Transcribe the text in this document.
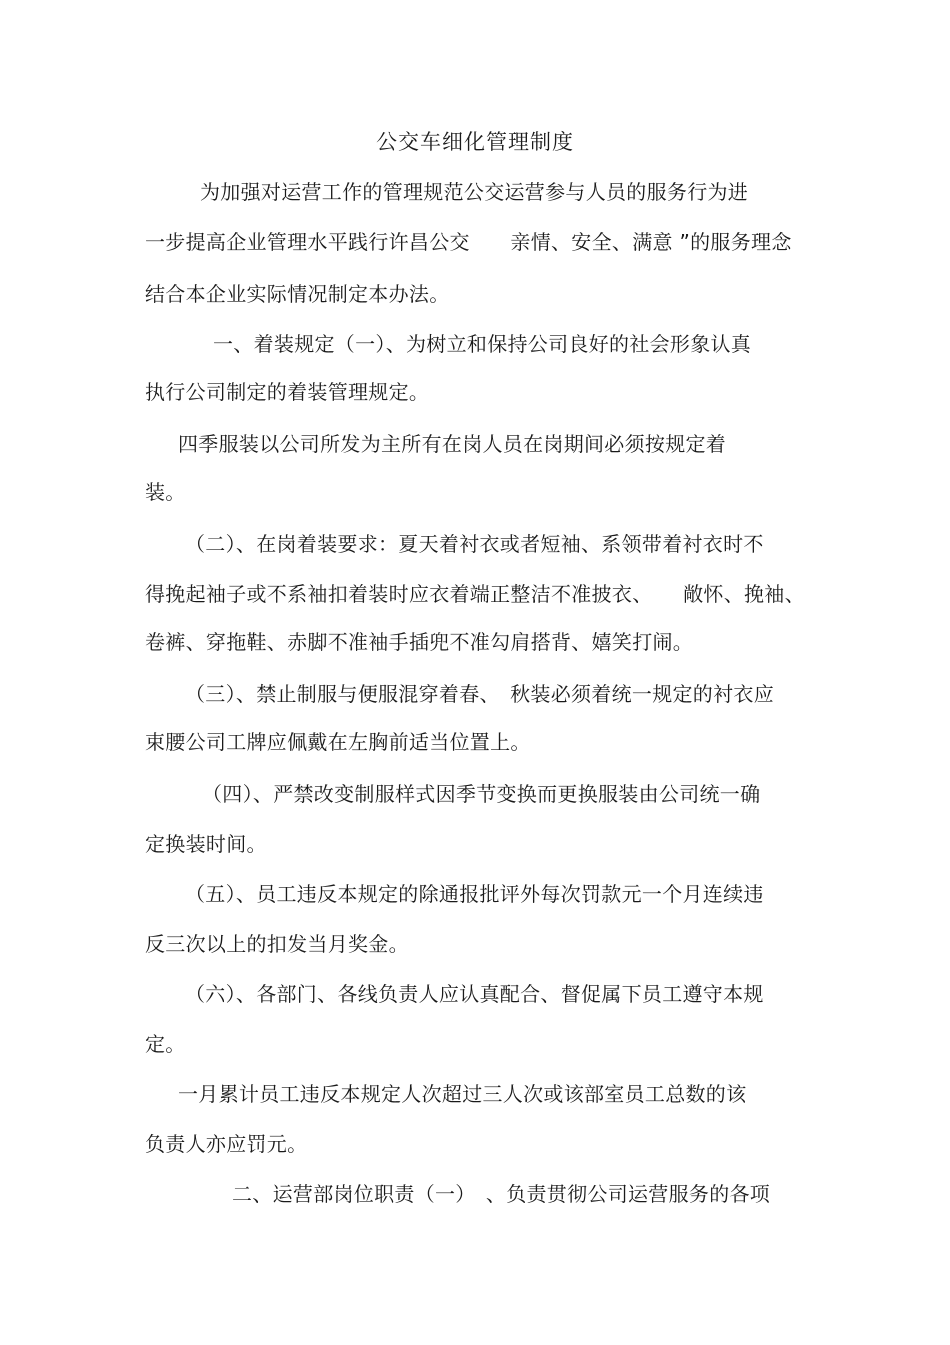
公交车细化管理制度
为加强对运营工作的管理规范公交运营参与人员的服务行为进
一步提高企业管理水平践行许昌公交　　亲情、安全、满意 ”的服务理念
结合本企业实际情况制定本办法。
一、着装规定（一）、为树立和保持公司良好的社会形象认真
执行公司制定的着装管理规定。
四季服装以公司所发为主所有在岗人员在岗期间必须按规定着
装。
（二）、在岗着装要求：夏天着衬衣或者短袖、系领带着衬衣时不
得挽起袖子或不系袖扣着装时应衣着端正整洁不准披衣、　　敞怀、挽袖、
卷裤、穿拖鞋、赤脚不准袖手插兜不准勾肩搭背、嬉笑打闹。
（三）、禁止制服与便服混穿着春、　秋装必须着统一规定的衬衣应
束腰公司工牌应佩戴在左胸前适当位置上。
（四）、严禁改变制服样式因季节变换而更换服装由公司统一确
定换装时间。
（五）、员工违反本规定的除通报批评外每次罚款元一个月连续违
反三次以上的扣发当月奖金。
（六）、各部门、各线负责人应认真配合、督促属下员工遵守本规
定。
一月累计员工违反本规定人次超过三人次或该部室员工总数的该
负责人亦应罚元。
二、运营部岗位职责（一）　、负责贯彻公司运营服务的各项
